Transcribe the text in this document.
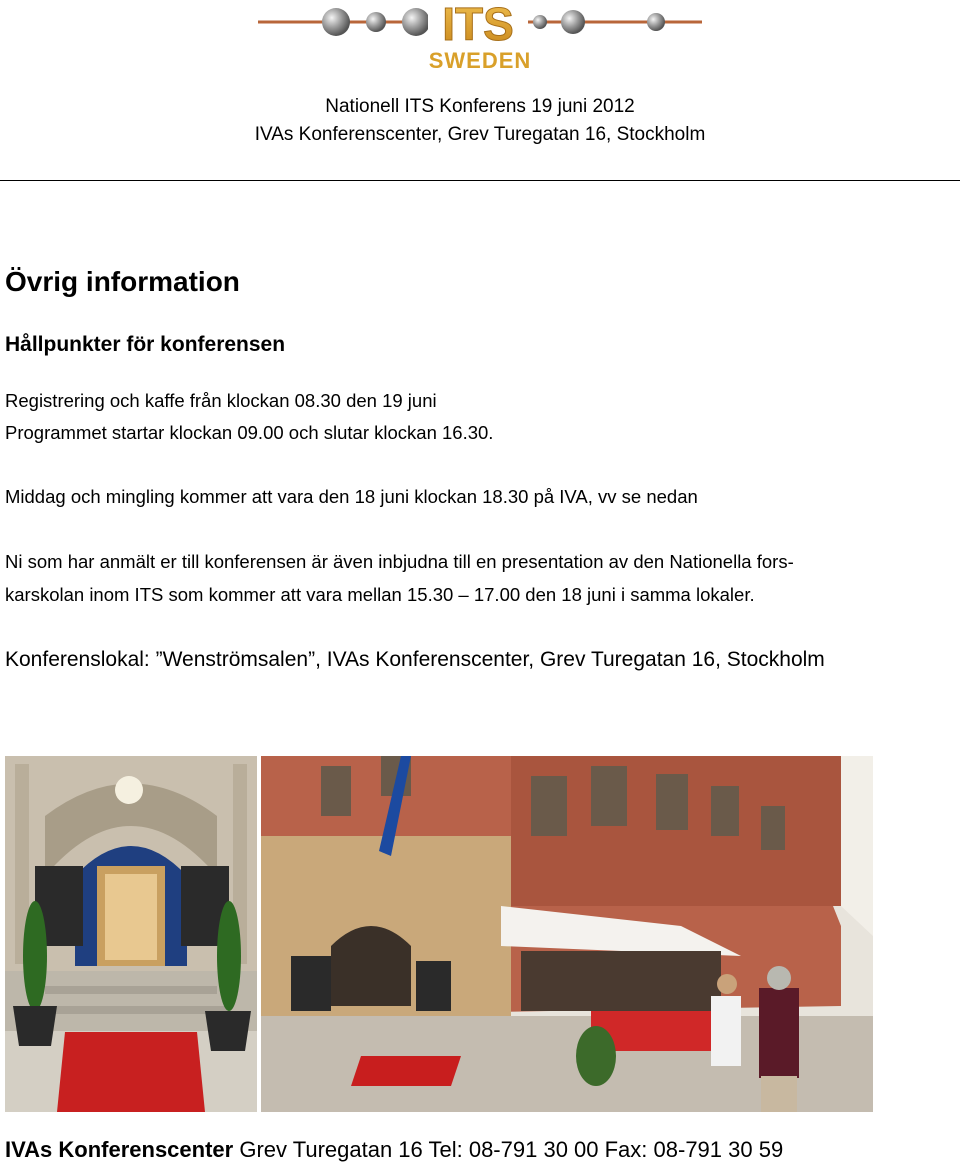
ITS
SWEDEN
Nationell ITS Konferens 19 juni 2012
IVAs Konferenscenter, Grev Turegatan 16, Stockholm
Övrig information
Hållpunkter för konferensen
Registrering och kaffe från klockan 08.30 den 19 juni
Programmet startar klockan 09.00 och slutar klockan 16.30.
Middag och mingling kommer att vara den 18 juni klockan 18.30 på IVA, vv se nedan
Ni som har anmält er till konferensen är även inbjudna till en presentation av den Nationella fors-
karskolan inom ITS som kommer att vara mellan 15.30 – 17.00 den 18 juni i samma lokaler.
Konferenslokal: ”Wenströmsalen”, IVAs Konferenscenter, Grev Turegatan 16, Stockholm
IVAs Konferenscenter Grev Turegatan 16 Tel: 08-791 30 00 Fax: 08-791 30 59
